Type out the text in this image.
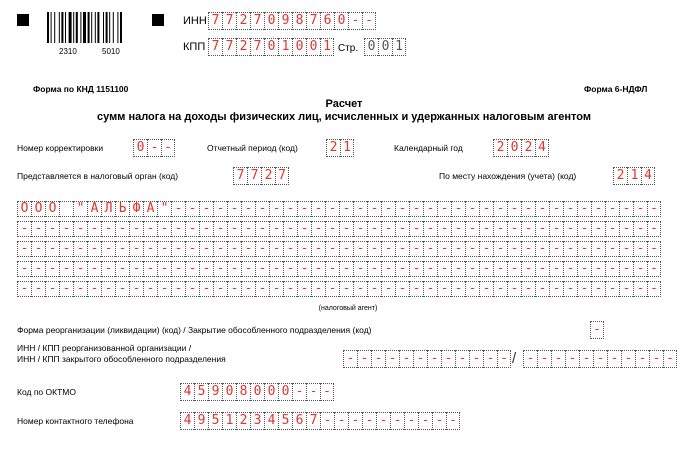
2310	5010
ИНН 7 7 2 7 0 9 8 7 6 0 - -
КПП 7 7 2 7 0 1 0 0 1 Стр. 0 0 1
Форма по КНД 1151100	Форма 6-НДФЛ
Расчет
сумм налога на доходы физических лиц, исчисленных и удержанных налоговым агентом
Номер корректировки	0 - -	Отчетный период (код) 2 1	Календарный год	2 0 2 4
Представляется в налоговый орган (код)	7 7 2 7	По месту нахождения (учета) (код)	2 1 4
О О О " А Л Ь Ф А " - - - - - - - - - - - - - - - - - - - - - - - - - - - - - - - - - - -
- - - - - - - - - - - - - - - - - - - - - - - - - - - - - - - - - - - - - - - - - - - - - -
- - - - - - - - - - - - - - - - - - - - - - - - - - - - - - - - - - - - - - - - - - - - - -
- - - - - - - - - - - - - - - - - - - - - - - - - - - - - - - - - - - - - - - - - - - - - -
- - - - - - - - - - - - - - - - - - - - - - - - - - - - - - - - - - - - - - - - - - - - - -
(налоговый агент)
Форма реорганизации (ликвидации) (код) / Закрытие обособленного подразделения (код)	-
ИНН / КПП реорганизованной организации /
ИНН / КПП закрытого обособленного подразделения	- - - - - - - - - - - - / - - - - - - - - - - -
Код по ОКТМО	4 5 9 0 8 0 0 0 - - -
Номер контактного телефона	4 9 5 1 2 3 4 5 6 7 - - - - - - - - - -
